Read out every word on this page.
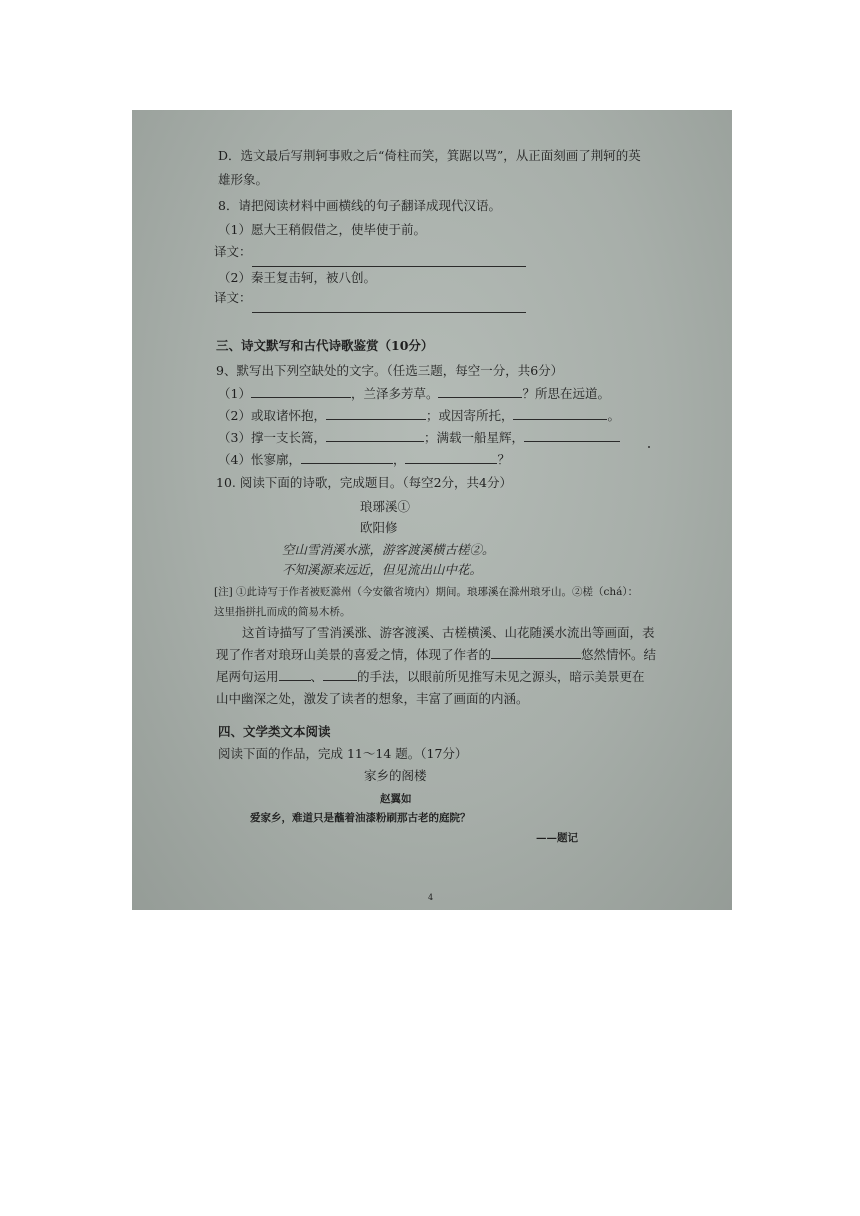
D．选文最后写荆轲事败之后“倚柱而笑，箕踞以骂”，从正面刻画了荆轲的英
雄形象。
8．请把阅读材料中画横线的句子翻译成现代汉语。
（1）愿大王稍假借之，使毕使于前。
译文：
（2）秦王复击轲，被八创。
译文：
三、诗文默写和古代诗歌鉴赏（10分）
9、默写出下列空缺处的文字。（任选三题，每空一分，共6分）
（1）	，兰泽多芳草。	？所思在远道。
（2）或取诸怀抱，	；或因寄所托，	。
（3）撑一支长篙，	；满载一船星辉，
（4）怅寥廓，	，	？
10. 阅读下面的诗歌，完成题目。（每空2分，共4分）
琅琊溪①
欧阳修
空山雪消溪水涨，游客渡溪横古槎②。
不知溪源来远近，但见流出山中花。
[注] ①此诗写于作者被贬滁州（今安徽省境内）期间。琅琊溪在滁州琅牙山。②槎（chá）：
这里指拼扎而成的简易木桥。
这首诗描写了雪消溪涨、游客渡溪、古槎横溪、山花随溪水流出等画面，表
现了作者对琅玡山美景的喜爱之情，体现了作者的	悠然情怀。结
尾两句运用	、	的手法，以眼前所见推写未见之源头，暗示美景更在
山中幽深之处，激发了读者的想象，丰富了画面的内涵。
四、文学类文本阅读
阅读下面的作品，完成 11～14 题。（17分）
家乡的阁楼
赵翼如
爱家乡，难道只是蘸着油漆粉刷那古老的庭院？
——题记
4
